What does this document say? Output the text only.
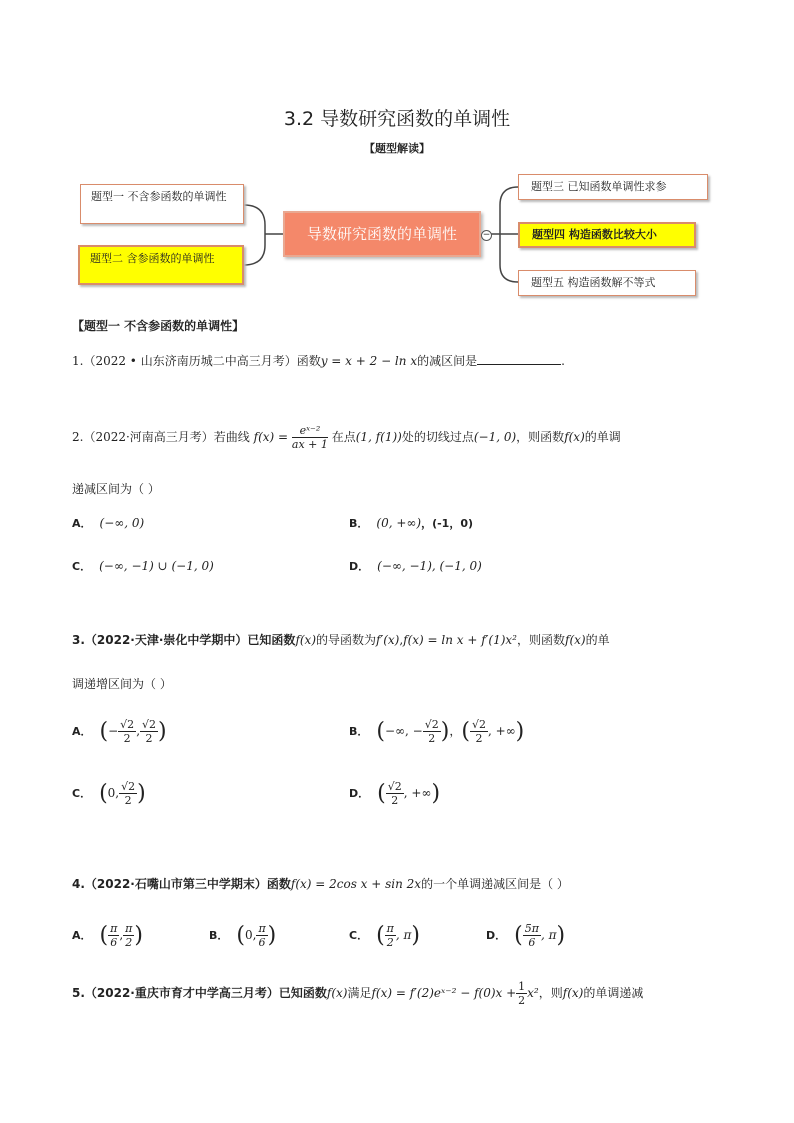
3.2 导数研究函数的单调性
【题型解读】
题型一 不含参函数的单调性
题型二 含参函数的单调性
导数研究函数的单调性	−
题型三 已知函数单调性求参
题型四 构造函数比较大小
题型五 构造函数解不等式
【题型一 不含参函数的单调性】
1.（2022 • 山东济南历城二中高三月考）函数y = x + 2 − ln x的减区间是	.
2.（2022·河南高三月考）若曲线 $f(x) = \frac{\text{eˣ⁻²}}{ax + 1}$ 在点(1, f(1))处的切线过点(−1, 0)，则函数f(x)的单调
递减区间为（ ）
A． (−∞, 0)	B． (0, +∞)，(-1，0)
C． (−∞, −1) ∪ (−1, 0)	D． (−∞, −1), (−1, 0)
3.（2022·天津·崇化中学期中）已知函数f(x)的导函数为f′(x),f(x) = ln x + f′(1)x²，则函数f(x)的单
调递增区间为（ ）
A． (− $\frac{√2}{2}$ , $\frac{√2}{2}$ )	B． (−∞, − $\frac{√2}{2}$ )，( $\frac{√2}{2}$ , +∞)
C． (0, $\frac{√2}{2}$ )	D． ( $\frac{√2}{2}$ , +∞)
4.（2022·石嘴山市第三中学期末）函数f(x) = 2cos x + sin 2x的一个单调递减区间是（ ）
A． ( $\frac{\pi}{6}$ , $\frac{\pi}{2}$ )	B． (0, $\frac{\pi}{6}$ )	C． ( $\frac{\pi}{2}$ , π)	D． ( $\frac{5\pi}{6}$ , π)
5.（2022·重庆市育才中学高三月考）已知函数f(x)满足f(x) = f′(2)eˣ⁻² − $f(0)x + \frac{1}{2} x^2$，则f(x)的单调递减
